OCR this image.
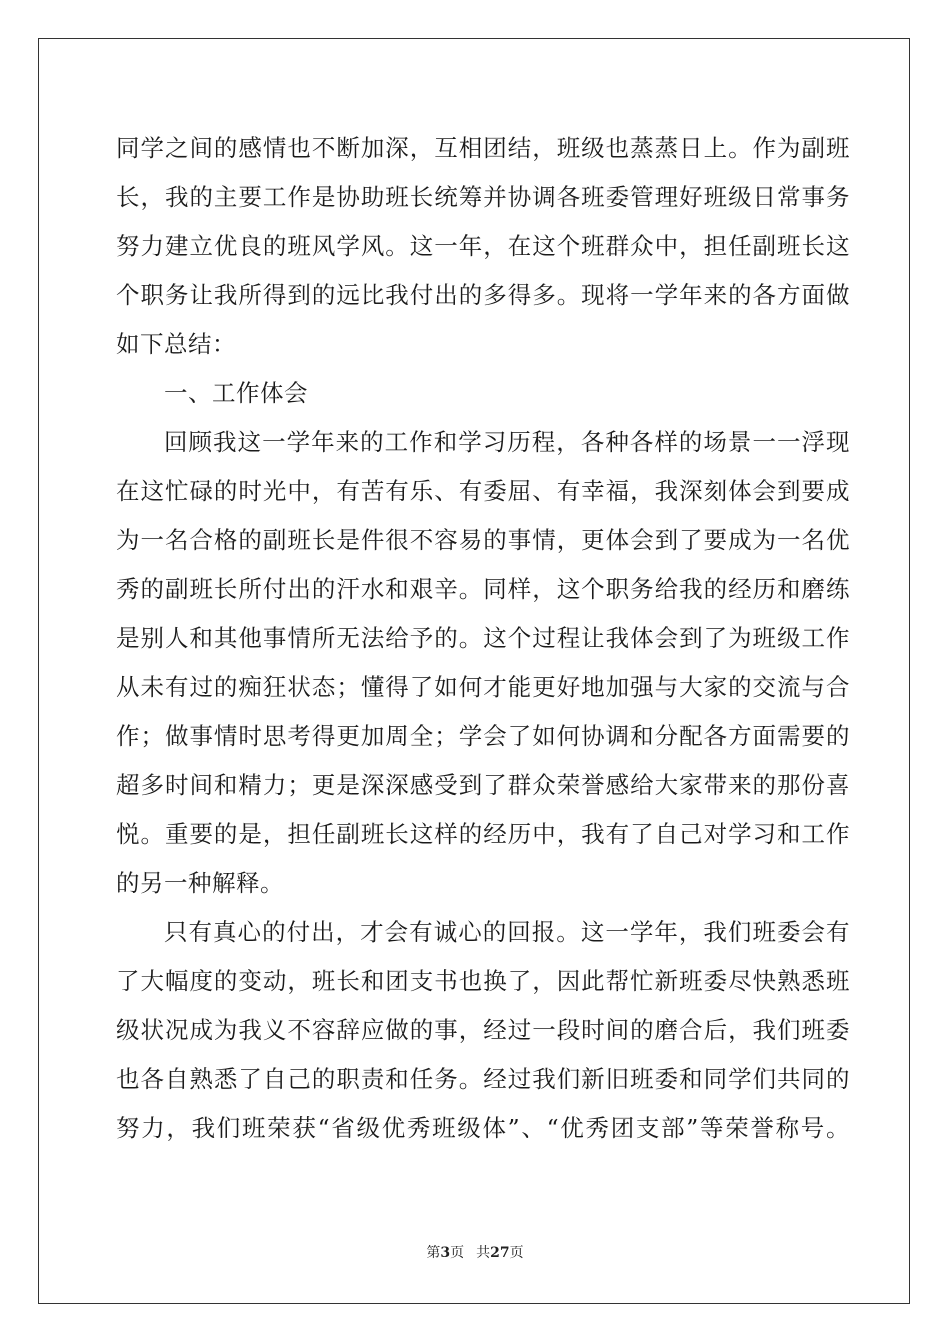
同学之间的感情也不断加深，互相团结，班级也蒸蒸日上。作为副班
长，我的主要工作是协助班长统筹并协调各班委管理好班级日常事务
努力建立优良的班风学风。这一年，在这个班群众中，担任副班长这
个职务让我所得到的远比我付出的多得多。现将一学年来的各方面做
如下总结：
一、工作体会
回顾我这一学年来的工作和学习历程，各种各样的场景一一浮现
在这忙碌的时光中，有苦有乐、有委屈、有幸福，我深刻体会到要成
为一名合格的副班长是件很不容易的事情，更体会到了要成为一名优
秀的副班长所付出的汗水和艰辛。同样，这个职务给我的经历和磨练
是别人和其他事情所无法给予的。这个过程让我体会到了为班级工作
从未有过的痴狂状态；懂得了如何才能更好地加强与大家的交流与合
作；做事情时思考得更加周全；学会了如何协调和分配各方面需要的
超多时间和精力；更是深深感受到了群众荣誉感给大家带来的那份喜
悦。重要的是，担任副班长这样的经历中，我有了自己对学习和工作
的另一种解释。
只有真心的付出，才会有诚心的回报。这一学年，我们班委会有
了大幅度的变动，班长和团支书也换了，因此帮忙新班委尽快熟悉班
级状况成为我义不容辞应做的事，经过一段时间的磨合后，我们班委
也各自熟悉了自己的职责和任务。经过我们新旧班委和同学们共同的
努力，我们班荣获“省级优秀班级体”、“优秀团支部”等荣誉称号。
第3页 共27页
